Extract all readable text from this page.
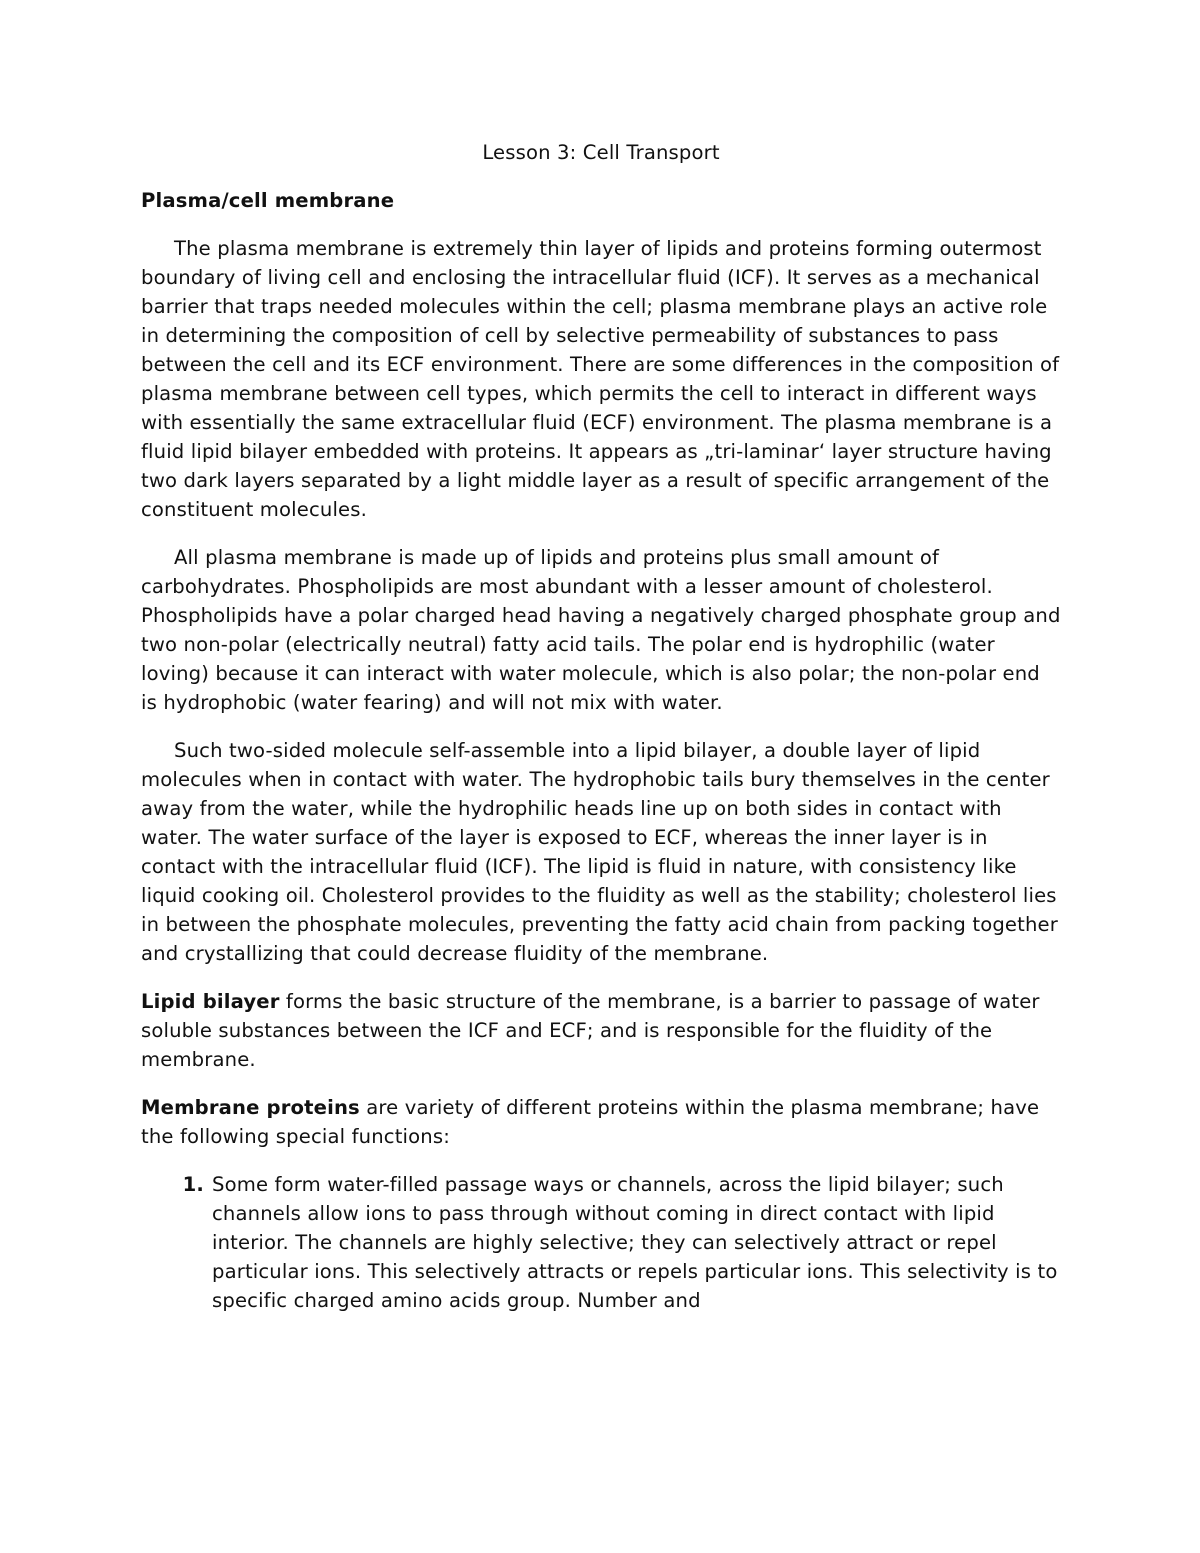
Lesson 3: Cell Transport
Plasma/cell membrane

The plasma membrane is extremely thin layer of lipids and proteins forming outermost boundary of living cell and enclosing the intracellular fluid (ICF). It serves as a mechanical barrier that traps needed molecules within the cell; plasma membrane plays an active role in determining the composition of cell by selective permeability of substances to pass between the cell and its ECF environment. There are some differences in the composition of plasma membrane between cell types, which permits the cell to interact in different ways with essentially the same extracellular fluid (ECF) environment. The plasma membrane is a fluid lipid bilayer embedded with proteins. It appears as „tri-laminar‘ layer structure having two dark layers separated by a light middle layer as a result of specific arrangement of the constituent molecules.

All plasma membrane is made up of lipids and proteins plus small amount of carbohydrates. Phospholipids are most abundant with a lesser amount of cholesterol. Phospholipids have a polar charged head having a negatively charged phosphate group and two non-polar (electrically neutral) fatty acid tails. The polar end is hydrophilic (water loving) because it can interact with water molecule, which is also polar; the non-polar end is hydrophobic (water fearing) and will not mix with water.

Such two-sided molecule self-assemble into a lipid bilayer, a double layer of lipid molecules when in contact with water. The hydrophobic tails bury themselves in the center away from the water, while the hydrophilic heads line up on both sides in contact with water. The water surface of the layer is exposed to ECF, whereas the inner layer is in contact with the intracellular fluid (ICF). The lipid is fluid in nature, with consistency like liquid cooking oil. Cholesterol provides to the fluidity as well as the stability; cholesterol lies in between the phosphate molecules, preventing the fatty acid chain from packing together and crystallizing that could decrease fluidity of the membrane.

Lipid bilayer forms the basic structure of the membrane, is a barrier to passage of water soluble substances between the ICF and ECF; and is responsible for the fluidity of the membrane.

Membrane proteins are variety of different proteins within the plasma membrane; have the following special functions:

1. Some form water-filled passage ways or channels, across the lipid bilayer; such channels allow ions to pass through without coming in direct contact with lipid interior. The channels are highly selective; they can selectively attract or repel particular ions. This selectively attracts or repels particular ions. This selectivity is to specific charged amino acids group. Number and
